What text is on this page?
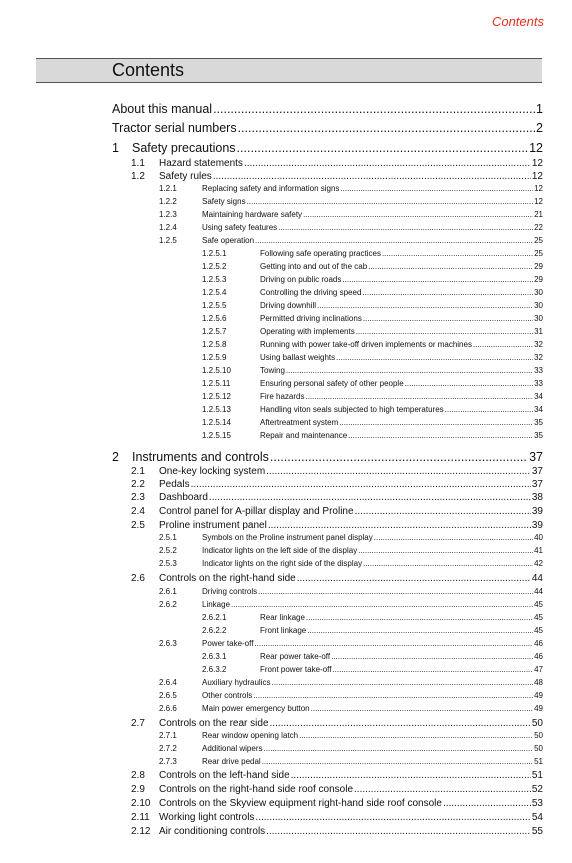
Contents
Contents
About this manual .....	1
Tractor serial numbers .....	2
1	Safety precautions .....	12
1.1	Hazard statements .....	12
1.2	Safety rules .....	12
1.2.1	Replacing safety and information signs .....	12
1.2.2	Safety signs .....	12
1.2.3	Maintaining hardware safety .....	21
1.2.4	Using safety features .....	22
1.2.5	Safe operation .....	25
1.2.5.1	Following safe operating practices .....	25
1.2.5.2	Getting into and out of the cab .....	29
1.2.5.3	Driving on public roads .....	29
1.2.5.4	Controlling the driving speed .....	30
1.2.5.5	Driving downhill .....	30
1.2.5.6	Permitted driving inclinations .....	30
1.2.5.7	Operating with implements .....	31
1.2.5.8	Running with power take-off driven implements or machines .....	32
1.2.5.9	Using ballast weights .....	32
1.2.5.10	Towing .....	33
1.2.5.11	Ensuring personal safety of other people .....	33
1.2.5.12	Fire hazards .....	34
1.2.5.13	Handling viton seals subjected to high temperatures .....	34
1.2.5.14	Aftertreatment system .....	35
1.2.5.15	Repair and maintenance .....	35
2	Instruments and controls .....	37
2.1	One-key locking system .....	37
2.2	Pedals .....	37
2.3	Dashboard .....	38
2.4	Control panel for A-pillar display and Proline .....	39
2.5	Proline instrument panel .....	39
2.5.1	Symbols on the Proline instrument panel display .....	40
2.5.2	Indicator lights on the left side of the display .....	41
2.5.3	Indicator lights on the right side of the display .....	42
2.6	Controls on the right-hand side .....	44
2.6.1	Driving controls .....	44
2.6.2	Linkage .....	45
2.6.2.1	Rear linkage .....	45
2.6.2.2	Front linkage .....	45
2.6.3	Power take-off .....	46
2.6.3.1	Rear power take-off .....	46
2.6.3.2	Front power take-off .....	47
2.6.4	Auxiliary hydraulics .....	48
2.6.5	Other controls .....	49
2.6.6	Main power emergency button .....	49
2.7	Controls on the rear side .....	50
2.7.1	Rear window opening latch .....	50
2.7.2	Additional wipers .....	50
2.7.3	Rear drive pedal .....	51
2.8	Controls on the left-hand side .....	51
2.9	Controls on the right-hand side roof console .....	52
2.10 Controls on the Skyview equipment right-hand side roof console .....	53
2.11 Working light controls .....	54
2.12 Air conditioning controls .....	55
